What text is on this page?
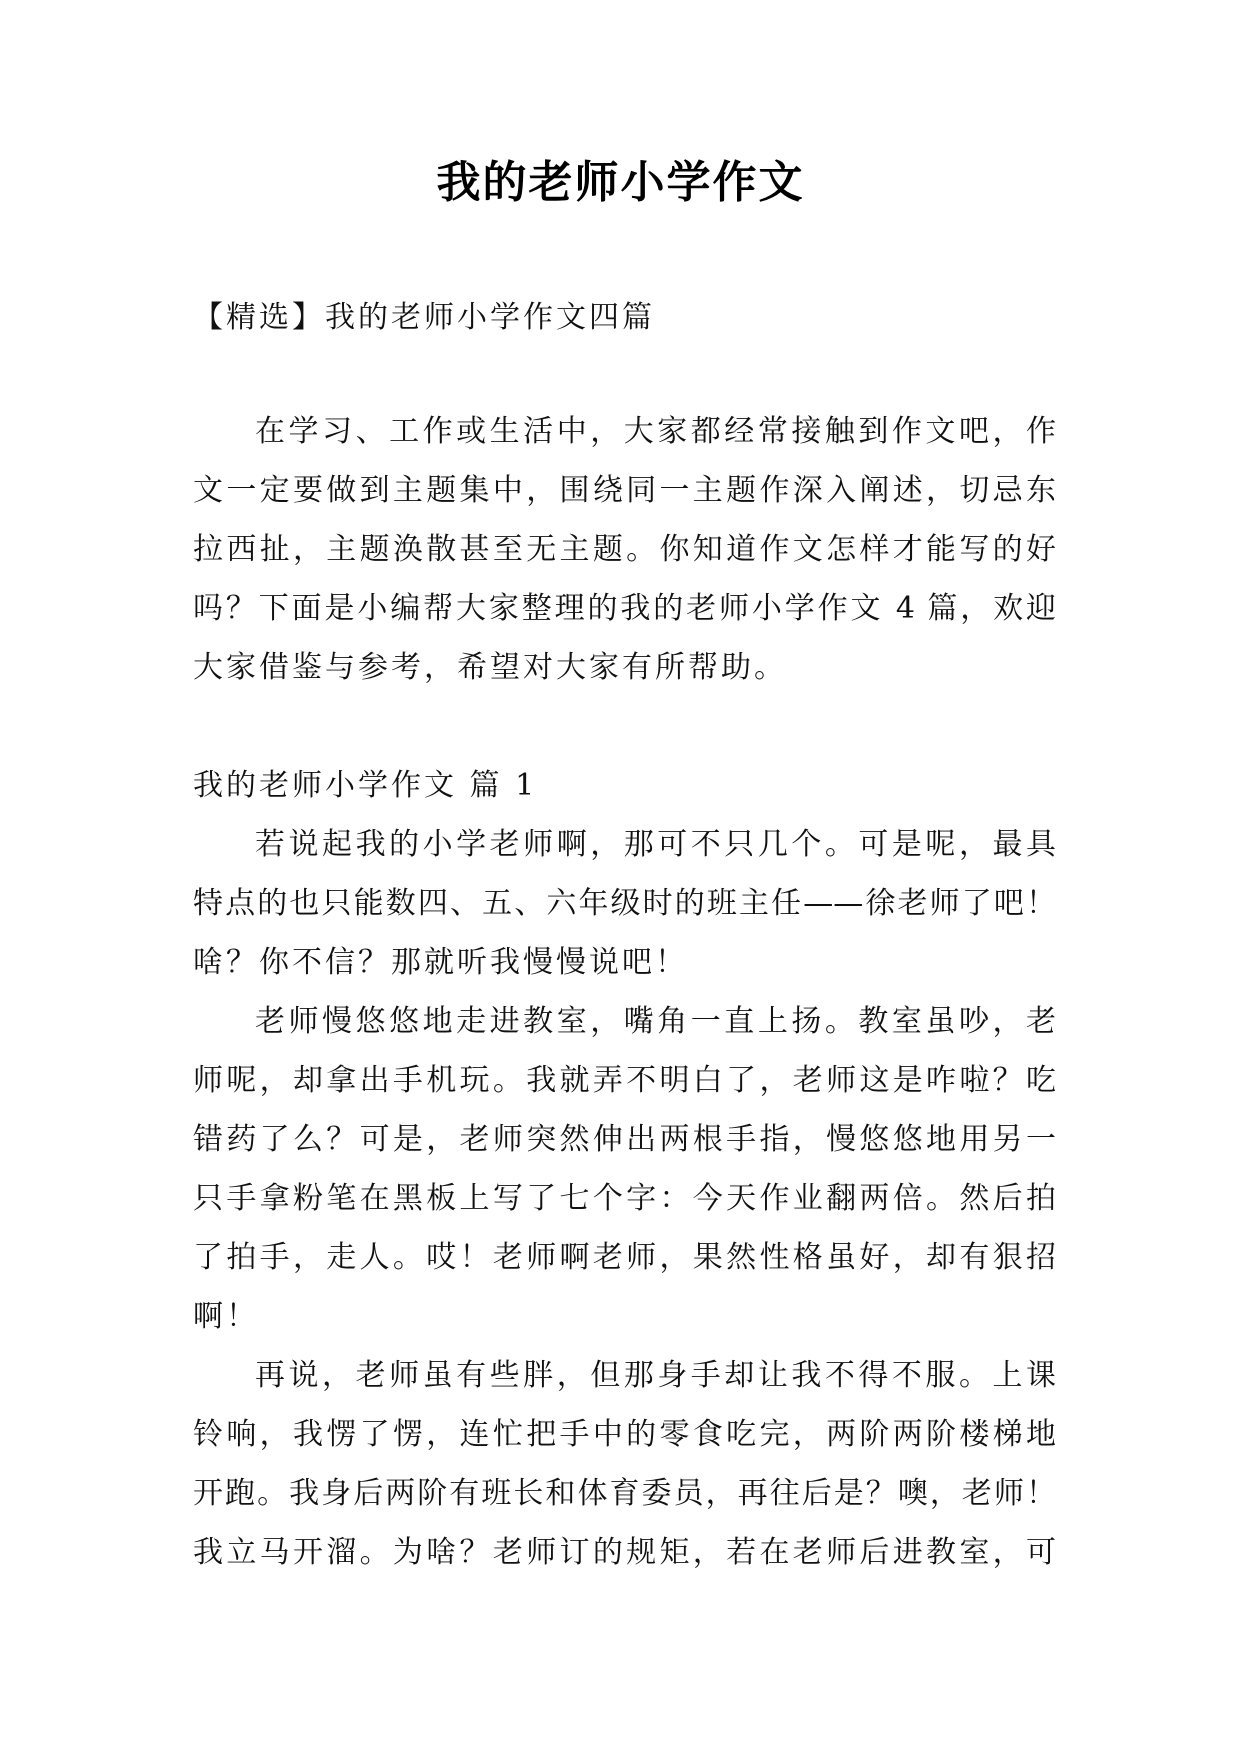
我的老师小学作文
【精选】我的老师小学作文四篇
在学习、工作或生活中，大家都经常接触到作文吧，作
文一定要做到主题集中，围绕同一主题作深入阐述，切忌东
拉西扯，主题涣散甚至无主题。你知道作文怎样才能写的好
吗？下面是小编帮大家整理的我的老师小学作文 4 篇，欢迎
大家借鉴与参考，希望对大家有所帮助。
我的老师小学作文 篇 1
若说起我的小学老师啊，那可不只几个。可是呢，最具
特点的也只能数四、五、六年级时的班主任——徐老师了吧！
啥？你不信？那就听我慢慢说吧！
老师慢悠悠地走进教室，嘴角一直上扬。教室虽吵，老
师呢，却拿出手机玩。我就弄不明白了，老师这是咋啦？吃
错药了么？可是，老师突然伸出两根手指，慢悠悠地用另一
只手拿粉笔在黑板上写了七个字：今天作业翻两倍。然后拍
了拍手，走人。哎！老师啊老师，果然性格虽好，却有狠招
啊！
再说，老师虽有些胖，但那身手却让我不得不服。上课
铃响，我愣了愣，连忙把手中的零食吃完，两阶两阶楼梯地
开跑。我身后两阶有班长和体育委员，再往后是？噢，老师！
我立马开溜。为啥？老师订的规矩，若在老师后进教室，可
